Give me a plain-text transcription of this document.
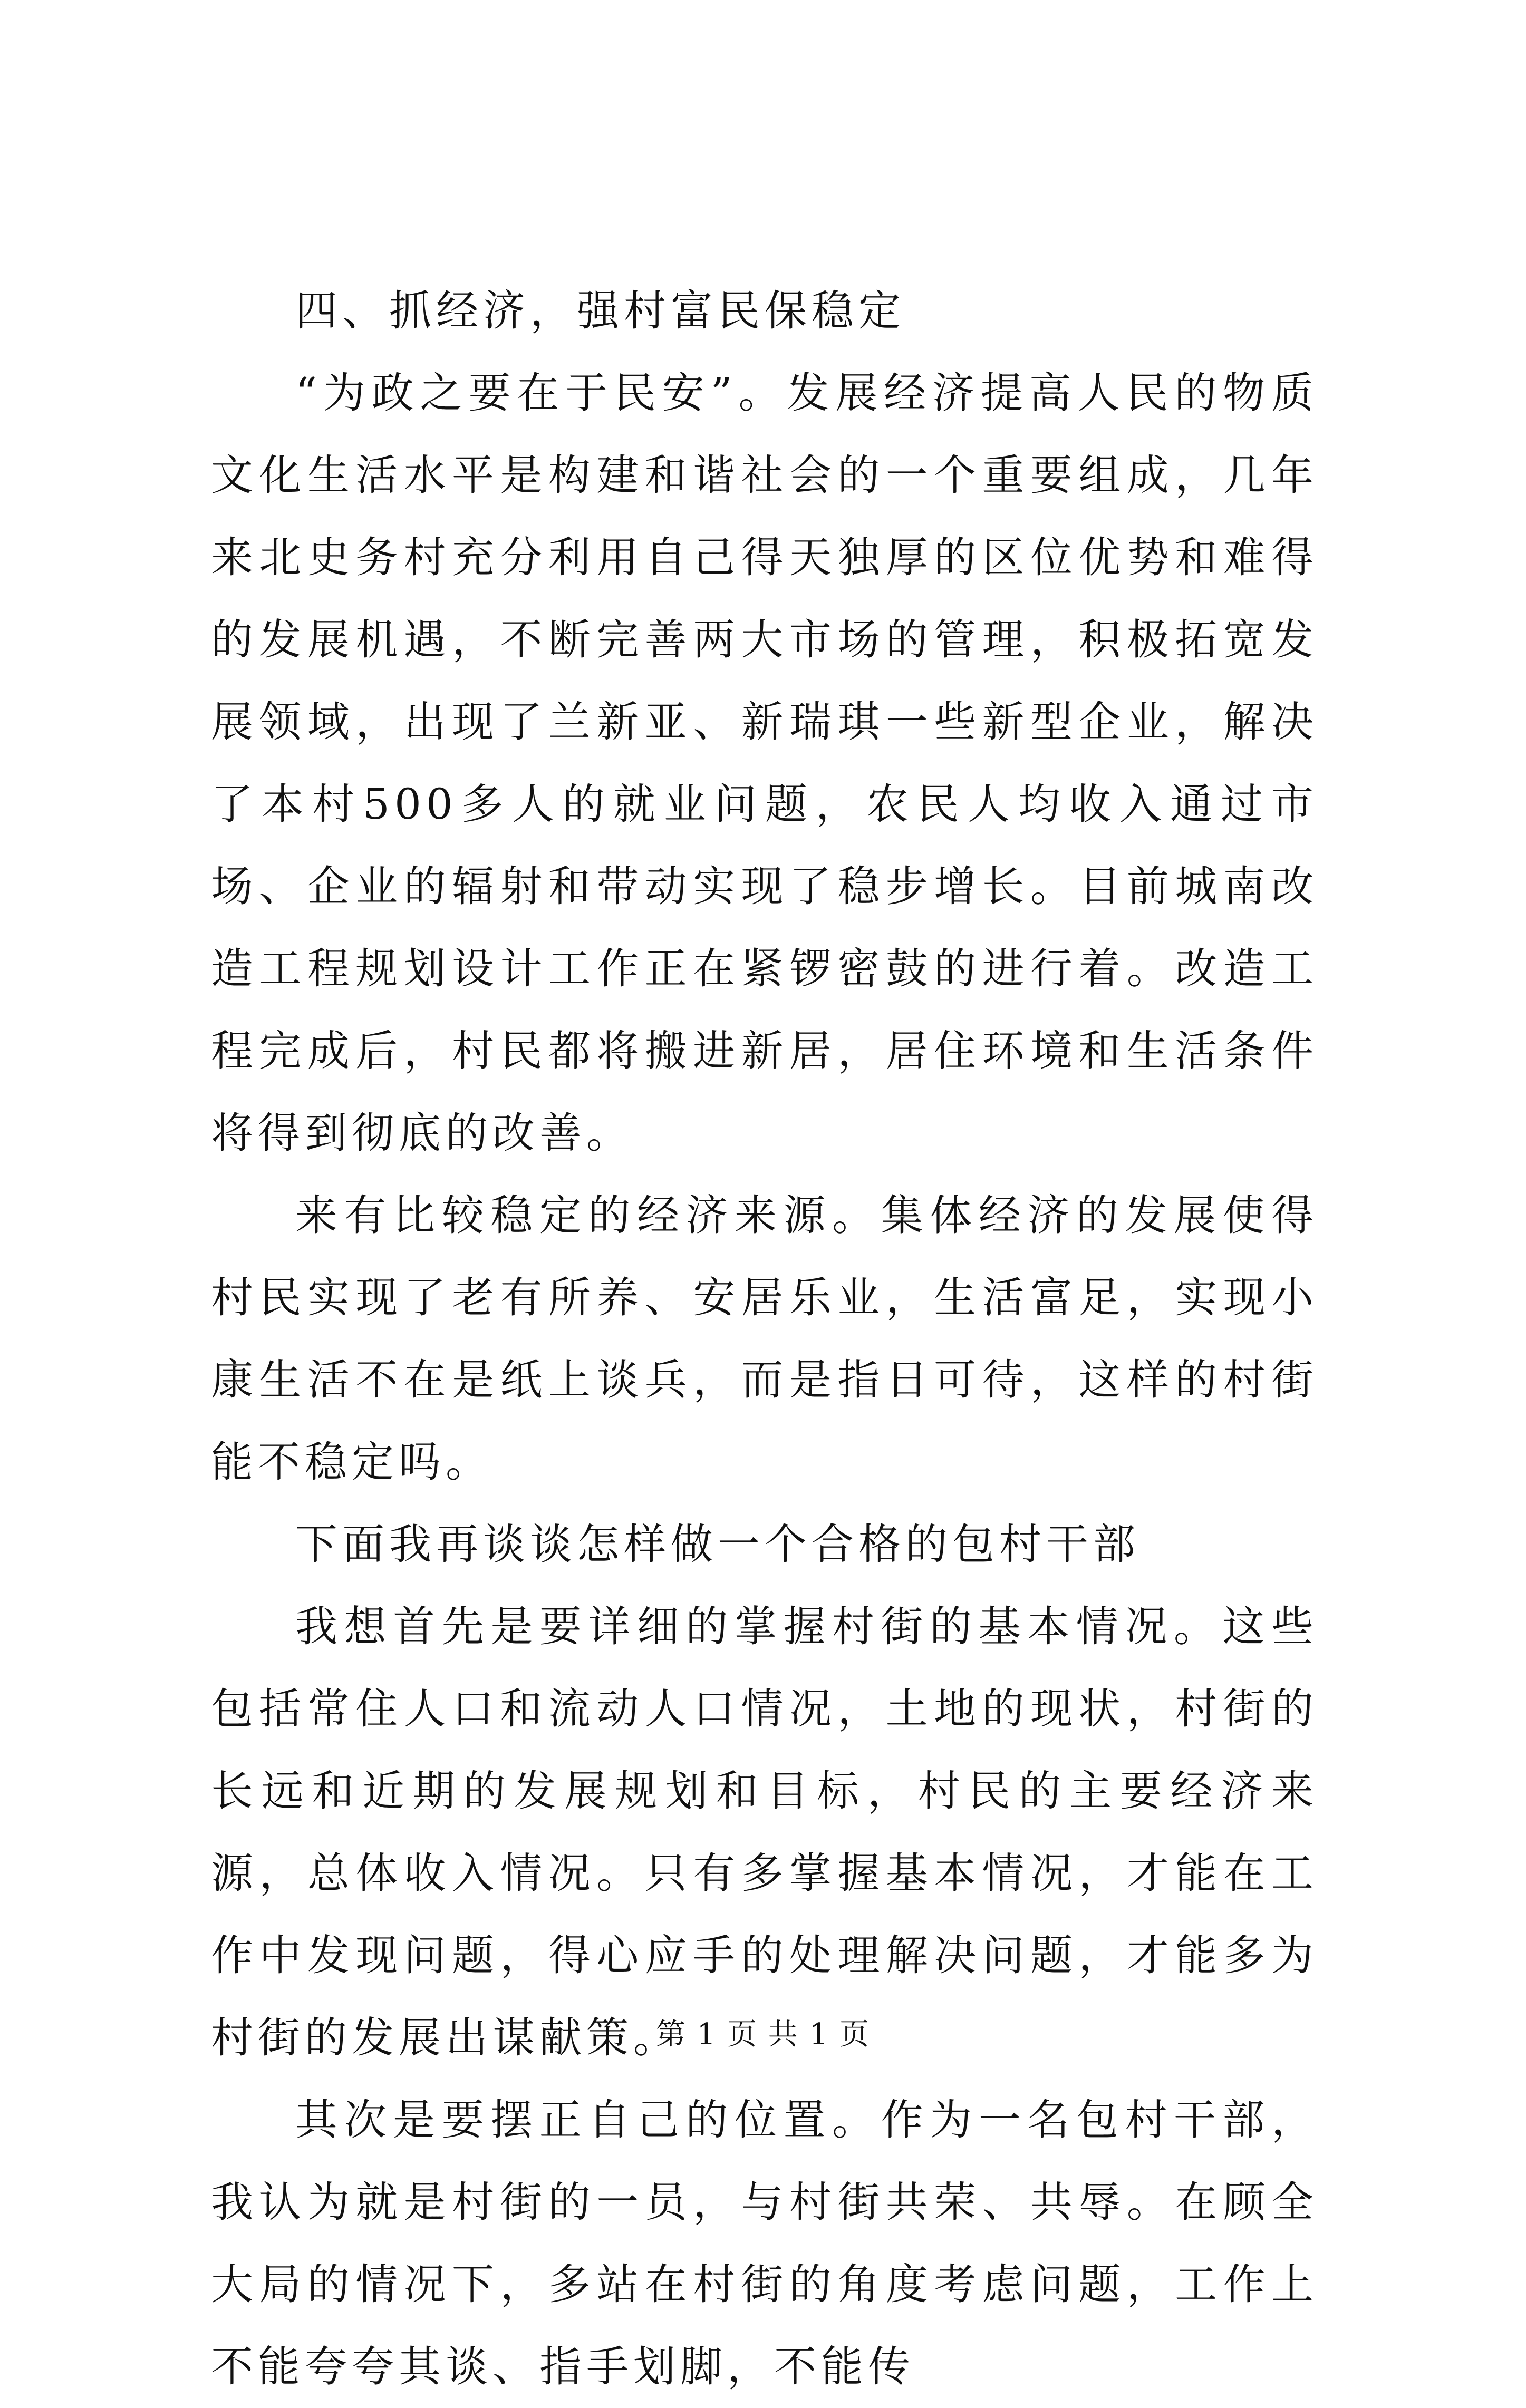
四、抓经济，强村富民保稳定

“为政之要在于民安”。发展经济提高人民的物质文化生活水平是构建和谐社会的一个重要组成，几年来北史务村充分利用自己得天独厚的区位优势和难得的发展机遇，不断完善两大市场的管理，积极拓宽发展领域，出现了兰新亚、新瑞琪一些新型企业，解决了本村500多人的就业问题，农民人均收入通过市场、企业的辐射和带动实现了稳步增长。目前城南改造工程规划设计工作正在紧锣密鼓的进行着。改造工程完成后，村民都将搬进新居，居住环境和生活条件将得到彻底的改善。

来有比较稳定的经济来源。集体经济的发展使得村民实现了老有所养、安居乐业，生活富足，实现小康生活不在是纸上谈兵，而是指日可待，这样的村街能不稳定吗。

下面我再谈谈怎样做一个合格的包村干部

我想首先是要详细的掌握村街的基本情况。这些包括常住人口和流动人口情况，土地的现状，村街的长远和近期的发展规划和目标，村民的主要经济来源，总体收入情况。只有多掌握基本情况，才能在工作中发现问题，得心应手的处理解决问题，才能多为村街的发展出谋献策。

其次是要摆正自己的位置。作为一名包村干部，我认为就是村街的一员，与村街共荣、共辱。在顾全大局的情况下，多站在村街的角度考虑问题，工作上不能夸夸其谈、指手划脚，不能传

第 1 页 共 1 页
